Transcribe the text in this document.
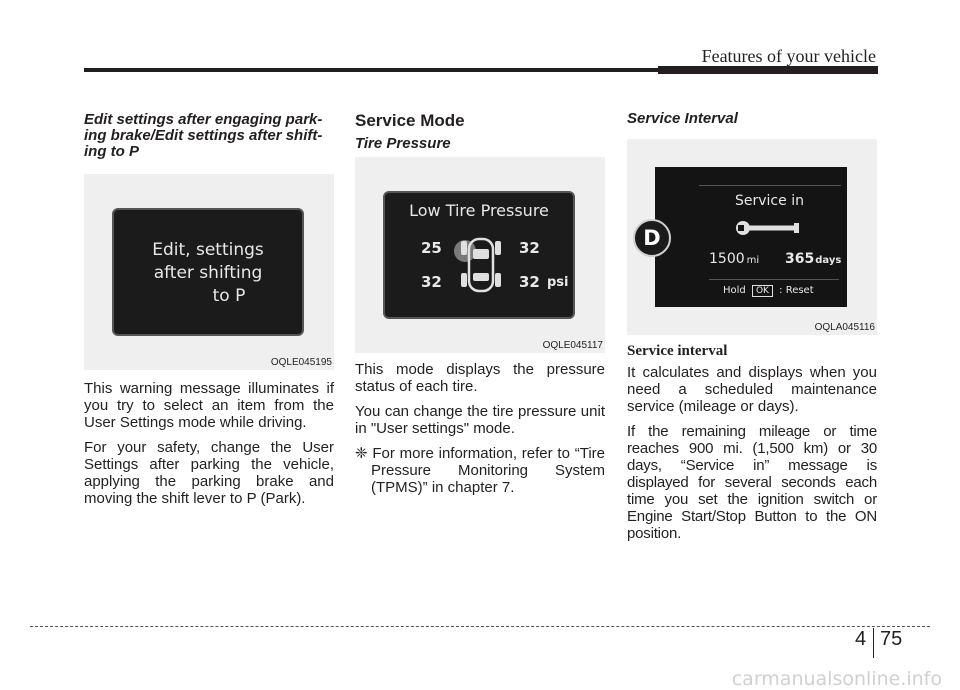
Features of your vehicle
Edit settings after engaging park-
ing brake/Edit settings after shift-
ing to P
Edit, settings
after shifting
to P
OQLE045195

This warning message illuminates if you try to select an item from the User Settings mode while driving.

For your safety, change the User Settings after parking the vehicle, applying the parking brake and moving the shift lever to P (Park).

Service Mode
Tire Pressure
Low Tire Pressure
25	32
32	32 psi
OQLE045117

This mode displays the pressure status of each tire.

You can change the tire pressure unit in "User settings" mode.

❈ For more information, refer to “Tire Pressure Monitoring System (TPMS)” in chapter 7.

Service Interval
D
Service in
1500 mi 365days
Hold OK : Reset
OQLA045116
Service interval

It calculates and displays when you need a scheduled maintenance service (mileage or days).

If the remaining mileage or time reaches 900 mi. (1,500 km) or 30 days, “Service in” message is displayed for several seconds each time you set the ignition switch or Engine Start/Stop Button to the ON position.

4 75
carmanualsonline.info
